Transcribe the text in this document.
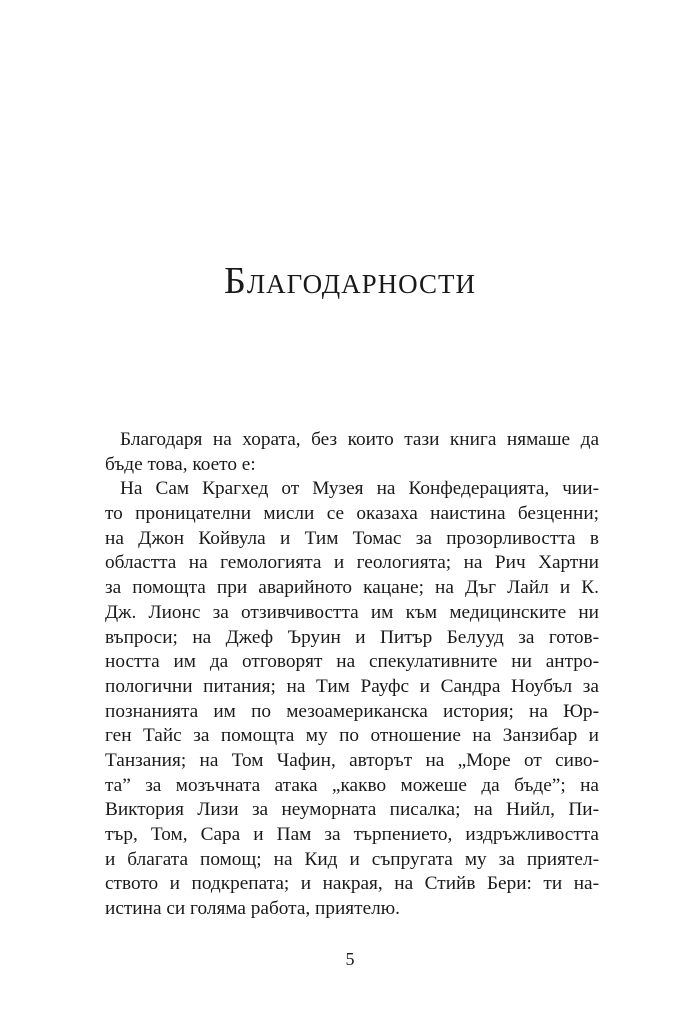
Благодарности
Благодаря на хората, без които тази книга нямаше да
бъде това, което е:
На Сам Крагхед от Музея на Конфедерацията, чии-
то проницателни мисли се оказаха наистина безценни;
на Джон Койвула и Тим Томас за прозорливостта в
областта на гемологията и геологията; на Рич Хартни
за помощта при аварийното кацане; на Дъг Лайл и К.
Дж. Лионс за отзивчивостта им към медицинските ни
въпроси; на Джеф Ъруин и Питър Белууд за готов-
ността им да отговорят на спекулативните ни антро-
пологични питания; на Тим Рауфс и Сандра Ноубъл за
познанията им по мезоамериканска история; на Юр-
ген Тайс за помощта му по отношение на Занзибар и
Танзания; на Том Чафин, авторът на „Море от сиво-
та” за мозъчната атака „какво можеше да бъде”; на
Виктория Лизи за неуморната писалка; на Нийл, Пи-
тър, Том, Сара и Пам за търпението, издръжливостта
и благата помощ; на Кид и съпругата му за приятел-
ството и подкрепата; и накрая, на Стийв Бери: ти на-
истина си голяма работа, приятелю.
5
